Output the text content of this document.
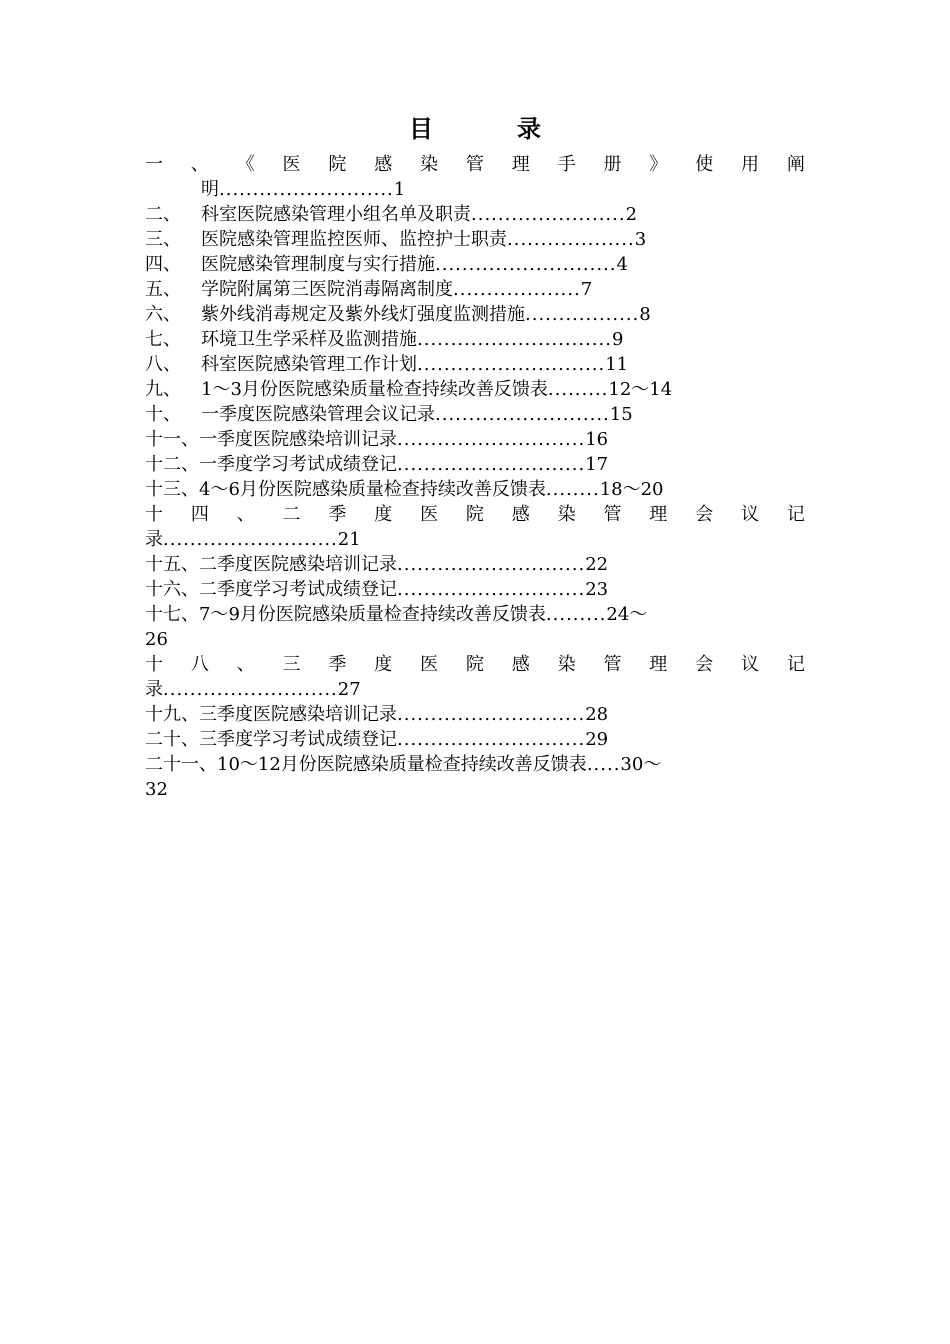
目　录
一 、 《 医 院 感 染 管 理 手 册 》 使 用 阐
明..........................1
二、 科室医院感染管理小组名单及职责.......................2
三、 医院感染管理监控医师、监控护士职责...................3
四、 医院感染管理制度与实行措施...........................4
五、 学院附属第三医院消毒隔离制度...................7
六、 紫外线消毒规定及紫外线灯强度监测措施.................8
七、 环境卫生学采样及监测措施.............................9
八、 科室医院感染管理工作计划............................11
九、 1～3月份医院感染质量检查持续改善反馈表.........12～14
十、 一季度医院感染管理会议记录..........................15
十一、一季度医院感染培训记录............................16
十二、一季度学习考试成绩登记............................17
十三、4～6月份医院感染质量检查持续改善反馈表........18～20
十 四 、 二 季 度 医 院 感 染 管 理 会 议 记
录..........................21
十五、二季度医院感染培训记录............................22
十六、二季度学习考试成绩登记............................23
十七、7～9月份医院感染质量检查持续改善反馈表.........24～
26
十 八 、 三 季 度 医 院 感 染 管 理 会 议 记
录..........................27
十九、三季度医院感染培训记录............................28
二十、三季度学习考试成绩登记............................29
二十一、10～12月份医院感染质量检查持续改善反馈表.....30～
32
